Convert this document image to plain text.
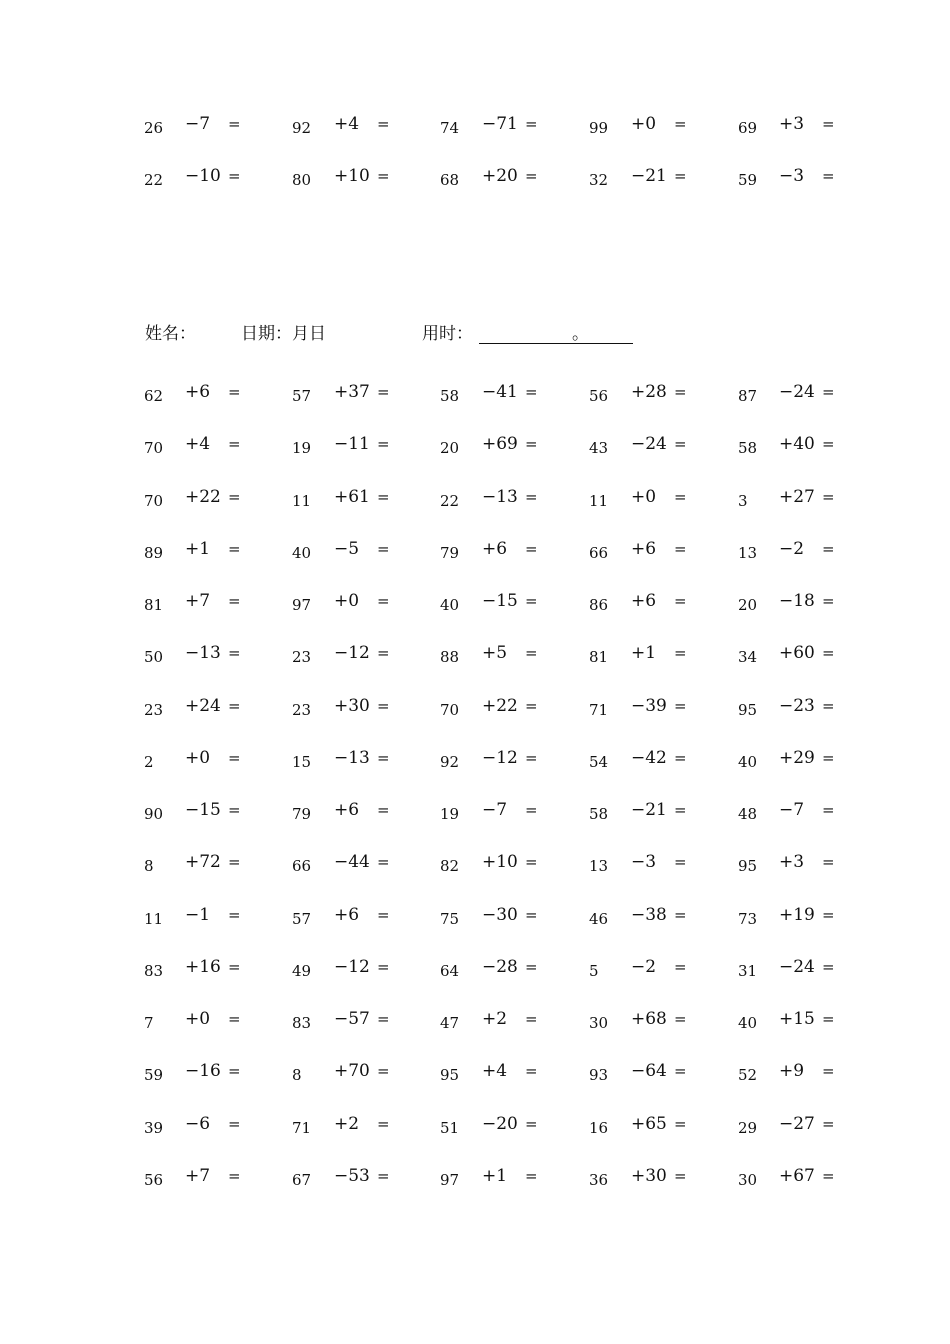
26 −7 =	92 +4 =	74 −71 =	99 +0 =	69 +3 =
22 −10 =	80 +10 =	68 +20 =	32 −21 =	59 −3 =
姓名：	日期：月日	用时：	。
62 +6 =	57 +37 =	58 −41 =	56 +28 =	87 −24 =
70 +4 =	19 −11 =	20 +69 =	43 −24 =	58 +40 =
70 +22 =	11 +61 =	22 −13 =	11 +0 =	3 +27 =
89 +1 =	40 −5 =	79 +6 =	66 +6 =	13 −2 =
81 +7 =	97 +0 =	40 −15 =	86 +6 =	20 −18 =
50 −13 =	23 −12 =	88 +5 =	81 +1 =	34 +60 =
23 +24 =	23 +30 =	70 +22 =	71 −39 =	95 −23 =
2 +0 =	15 −13 =	92 −12 =	54 −42 =	40 +29 =
90 −15 =	79 +6 =	19 −7 =	58 −21 =	48 −7 =
8 +72 =	66 −44 =	82 +10 =	13 −3 =	95 +3 =
11 −1 =	57 +6 =	75 −30 =	46 −38 =	73 +19 =
83 +16 =	49 −12 =	64 −28 =	5 −2 =	31 −24 =
7 +0 =	83 −57 =	47 +2 =	30 +68 =	40 +15 =
59 −16 =	8 +70 =	95 +4 =	93 −64 =	52 +9 =
39 −6 =	71 +2 =	51 −20 =	16 +65 =	29 −27 =
56 +7 =	67 −53 =	97 +1 =	36 +30 =	30 +67 =
